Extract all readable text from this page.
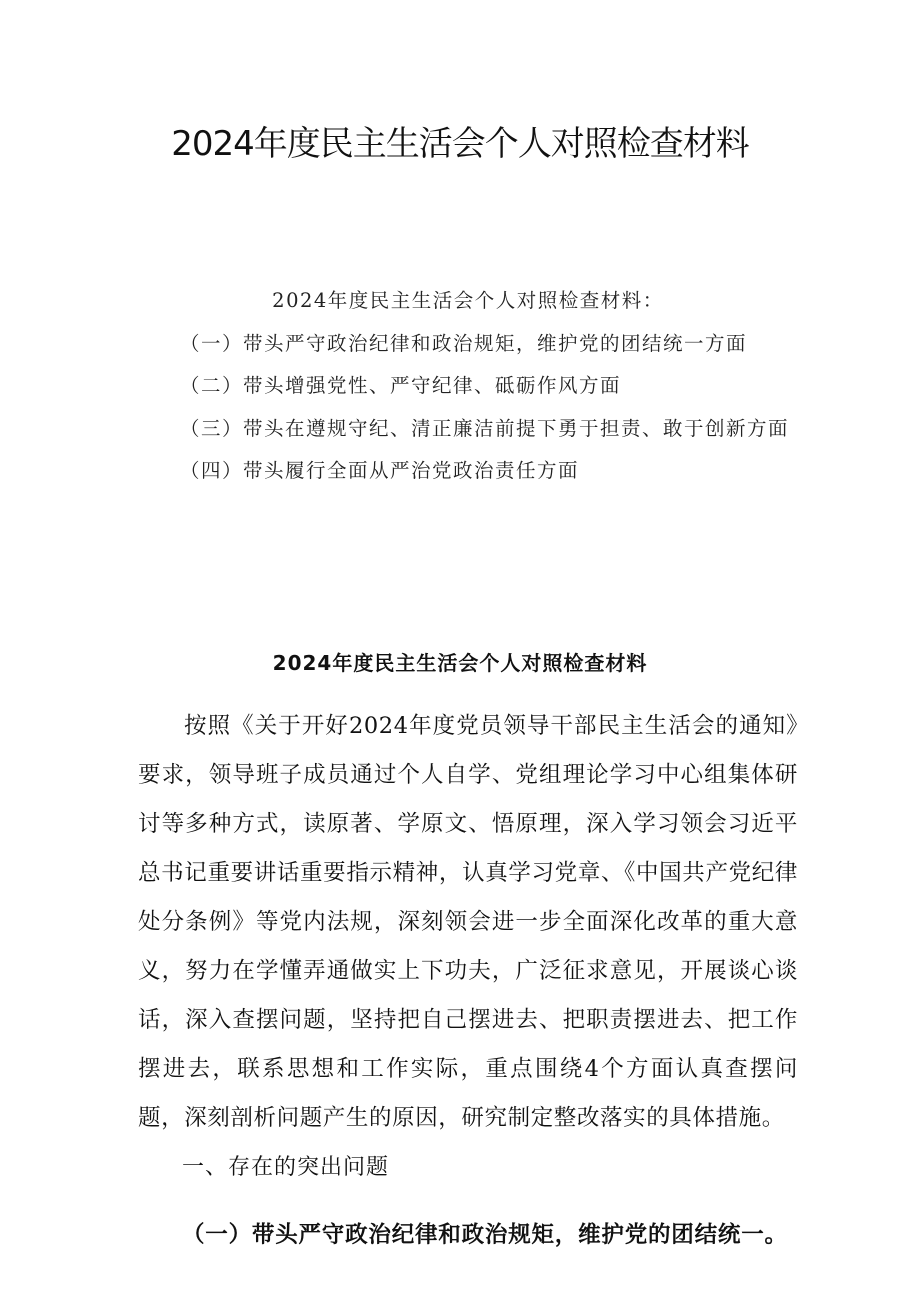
2024年度民主生活会个人对照检查材料
2024年度民主生活会个人对照检查材料：
（一）带头严守政治纪律和政治规矩，维护党的团结统一方面
（二）带头增强党性、严守纪律、砥砺作风方面
（三）带头在遵规守纪、清正廉洁前提下勇于担责、敢于创新方面
（四）带头履行全面从严治党政治责任方面
2024年度民主生活会个人对照检查材料
按照《关于开好2024年度党员领导干部民主生活会的通知》要求，领导班子成员通过个人自学、党组理论学习中心组集体研讨等多种方式，读原著、学原文、悟原理，深入学习领会习近平总书记重要讲话重要指示精神，认真学习党章、《中国共产党纪律处分条例》等党内法规，深刻领会进一步全面深化改革的重大意义，努力在学懂弄通做实上下功夫，广泛征求意见，开展谈心谈话，深入查摆问题，坚持把自己摆进去、把职责摆进去、把工作摆进去，联系思想和工作实际，重点围绕4个方面认真查摆问题，深刻剖析问题产生的原因，研究制定整改落实的具体措施。
一、存在的突出问题
（一）带头严守政治纪律和政治规矩，维护党的团结统一。
